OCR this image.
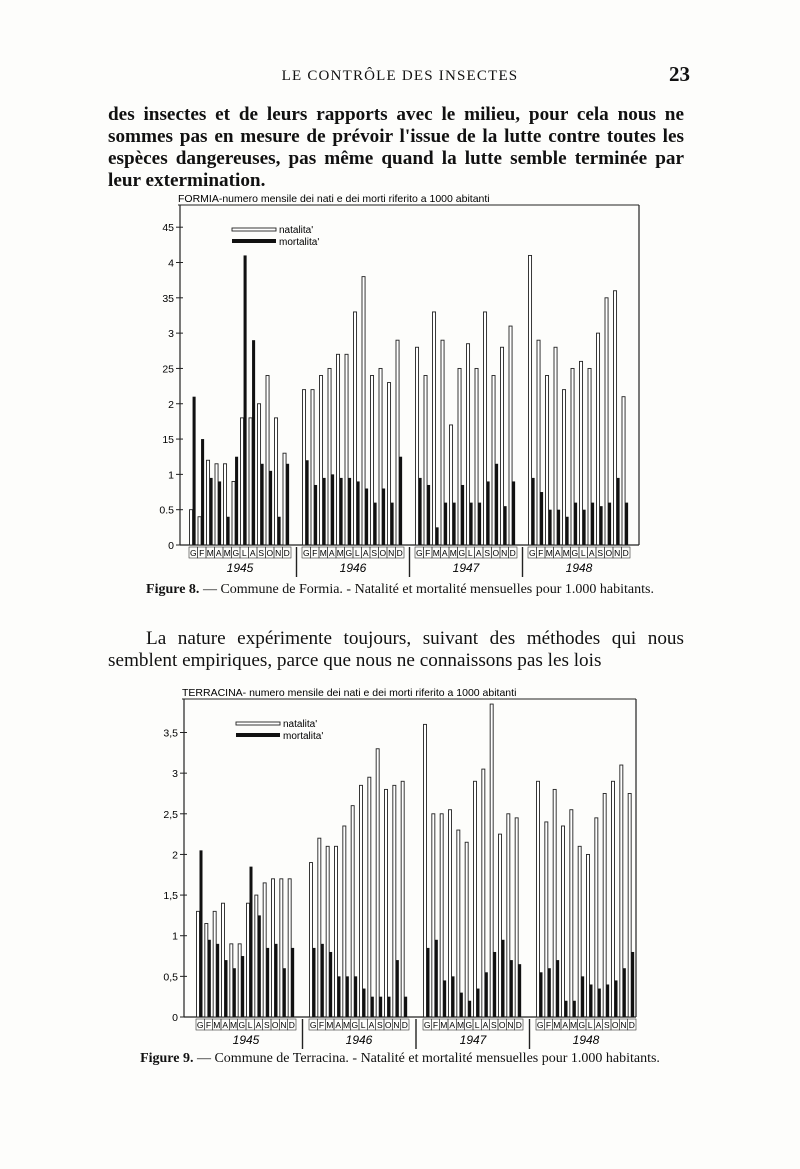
LE CONTRÔLE DES INSECTES	23

des insectes et de leurs rapports avec le milieu, pour cela nous ne sommes pas en mesure de prévoir l'issue de la lutte contre toutes les espèces dangereuses, pas même quand la lutte semble terminée par leur extermination.

FORMIA-numero mensile dei nati e dei morti riferito a 1000 abitanti
0
0.5
1
15
2
25
3
35
4
45	natalita'
mortalita'
G F M A M G L A S O N D
1945
G F M A M G L A S O N D
1946
G F M A M G L A S O N D
1947
G F M A M G L A S O N D
1948
TERRACINA- numero mensile dei nati e dei morti riferito a 1000 abitanti
0
0,5
1
1,5
2
2,5
3
3,5
natalita'
mortalita'
G F M A M G L A S O N D
1945
G F M A M G L A S O N D
1946
G F M A M G L A S O N D
1947
G F M A M G L A S O N D
1948
Figure 8. — Commune de Formia. - Natalité et mortalité mensuelles pour 1.000 habitants.

La nature expérimente toujours, suivant des méthodes qui nous semblent empiriques, parce que nous ne connaissons pas les lois

Figure 9. — Commune de Terracina. - Natalité et mortalité mensuelles pour 1.000 habitants.
